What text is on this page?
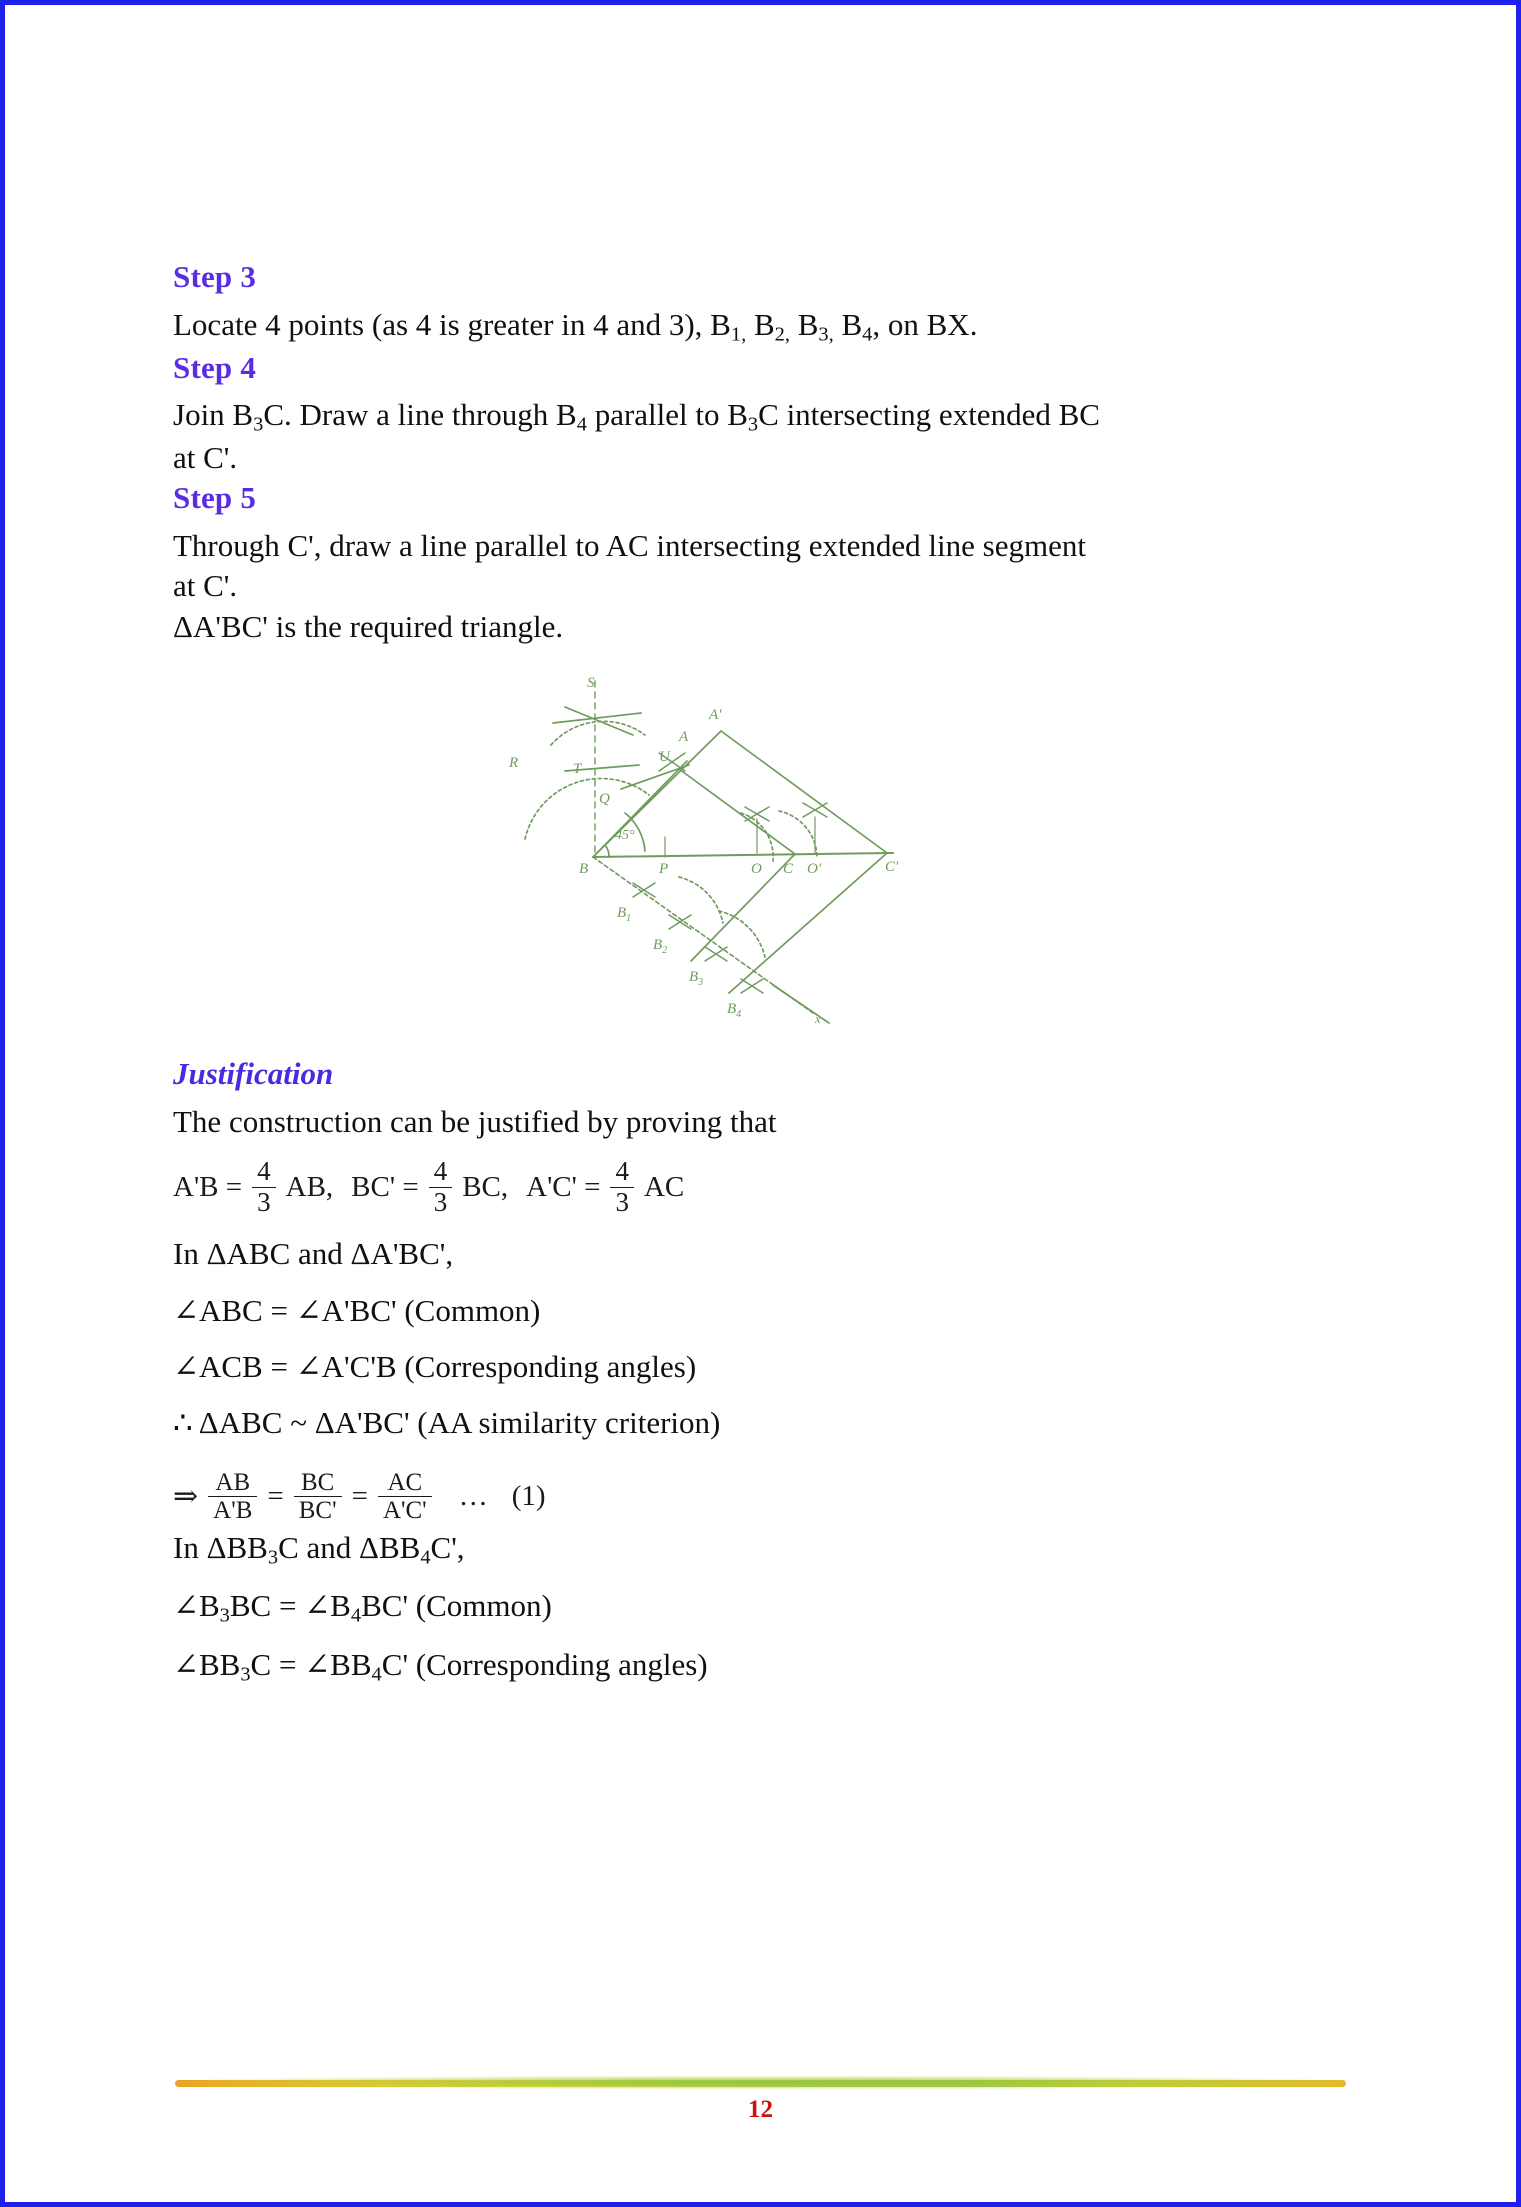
Step 3

Locate 4 points (as 4 is greater in 4 and 3), $B_{1,}$ $B_{2,}$ $B_{3,}$ $B_4$, on BX.

Step 4

Join $B_3C$. Draw a line through $B_4$ parallel to $B_3C$ intersecting extended BC

at C'.

Step 5

Through C', draw a line parallel to AC intersecting extended line segment

at C'.

ΔA'BC' is the required triangle.

S
T
R
Q
U
A
A'
45°
B	P	O C O'	C'
$B_1$
$B_2$
$B_3$
$B_4$	x
Justification

The construction can be justified by proving that

$A'B = \frac{4}{3}$ AB, $BC' = \frac{4}{3}$ BC, $A'C' = \frac{4}{3}$ AC

In ΔABC and ΔA'BC',

∠ABC = ∠A'BC' (Common)

∠ACB = ∠A'C'B (Corresponding angles)

∴ ΔABC ~ ΔA'BC' (AA similarity criterion)

⇒ $\frac{AB}{A'B} = \frac{BC}{BC'} = \frac{AC}{A'C'}$ … (1)

In $\Delta BB_3C$ and $\Delta BB_4C'$,

$\angle B_3BC$ = $\angle B_4BC'$ (Common)

$\angle BB_3C$ = $\angle BB_4C'$ (Corresponding angles)

12
